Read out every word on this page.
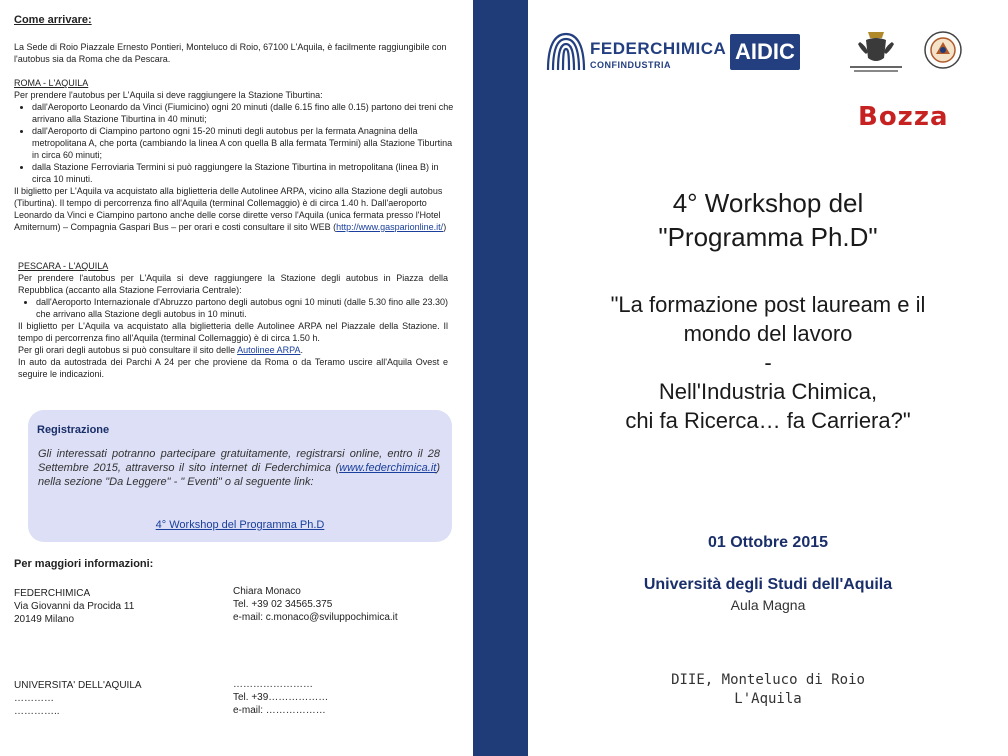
Come arrivare:
La Sede di Roio Piazzale Ernesto Pontieri, Monteluco di Roio, 67100 L'Aquila, è facilmente raggiungibile con l'autobus sia da Roma che da Pescara.
ROMA - L'AQUILA
Per prendere l'autobus per L'Aquila si deve raggiungere la Stazione Tiburtina:
• dall'Aeroporto Leonardo da Vinci (Fiumicino) ogni 20 minuti (dalle 6.15 fino alle 0.15) partono dei treni che arrivano alla Stazione Tiburtina in 40 minuti;
• dall'Aeroporto di Ciampino partono ogni 15-20 minuti degli autobus per la fermata Anagnina della metropolitana A, che porta (cambiando la linea A con quella B alla fermata Termini) alla Stazione Tiburtina in circa 60 minuti;
• dalla Stazione Ferroviaria Termini si può raggiungere la Stazione Tiburtina in metropolitana (linea B) in circa 10 minuti.
Il biglietto per L'Aquila va acquistato alla biglietteria delle Autolinee ARPA, vicino alla Stazione degli autobus (Tiburtina). Il tempo di percorrenza fino all'Aquila (terminal Collemaggio) è di circa 1.40 h. Dall'aeroporto Leonardo da Vinci e Ciampino partono anche delle corse dirette verso l'Aquila (unica fermata presso l'Hotel Amiternum) – Compagnia Gaspari Bus – per orari e costi consultare il sito WEB (http://www.gasparionline.it/)
PESCARA - L'AQUILA
Per prendere l'autobus per L'Aquila si deve raggiungere la Stazione degli autobus in Piazza della Repubblica (accanto alla Stazione Ferroviaria Centrale):
• dall'Aeroporto Internazionale d'Abruzzo partono degli autobus ogni 10 minuti (dalle 5.30 fino alle 23.30) che arrivano alla Stazione degli autobus in 10 minuti.
Il biglietto per L'Aquila va acquistato alla biglietteria delle Autolinee ARPA nel Piazzale della Stazione. Il tempo di percorrenza fino all'Aquila (terminal Collemaggio) è di circa 1.50 h.
Per gli orari degli autobus si può consultare il sito delle Autolinee ARPA.
In auto da autostrada dei Parchi A 24 per che proviene da Roma o da Teramo uscire all'Aquila Ovest e seguire le indicazioni.
Registrazione
Gli interessati potranno partecipare gratuitamente, registrarsi online, entro il 28 Settembre 2015, attraverso il sito internet di Federchimica (www.federchimica.it) nella sezione "Da Leggere" - " Eventi" o al seguente link:
4° Workshop del Programma Ph.D
Per maggiori informazioni:
FEDERCHIMICA
Via Giovanni da Procida 11
20149 Milano
Chiara Monaco
Tel. +39 02 34565.375
e-mail: c.monaco@sviluppochimica.it
UNIVERSITA' DELL'AQUILA
…………
…………..
……………………
Tel. +39………………
e-mail: ………………
FEDERCHIMICA
CONFINDUSTRIA
AIDIC
Bozza
4° Workshop del
"Programma Ph.D"
"La formazione post lauream e il
mondo del lavoro
-
Nell'Industria Chimica,
chi fa Ricerca… fa Carriera?"
01 Ottobre 2015
Università degli Studi dell'Aquila
Aula Magna
DIIE, Monteluco di Roio
L'Aquila
